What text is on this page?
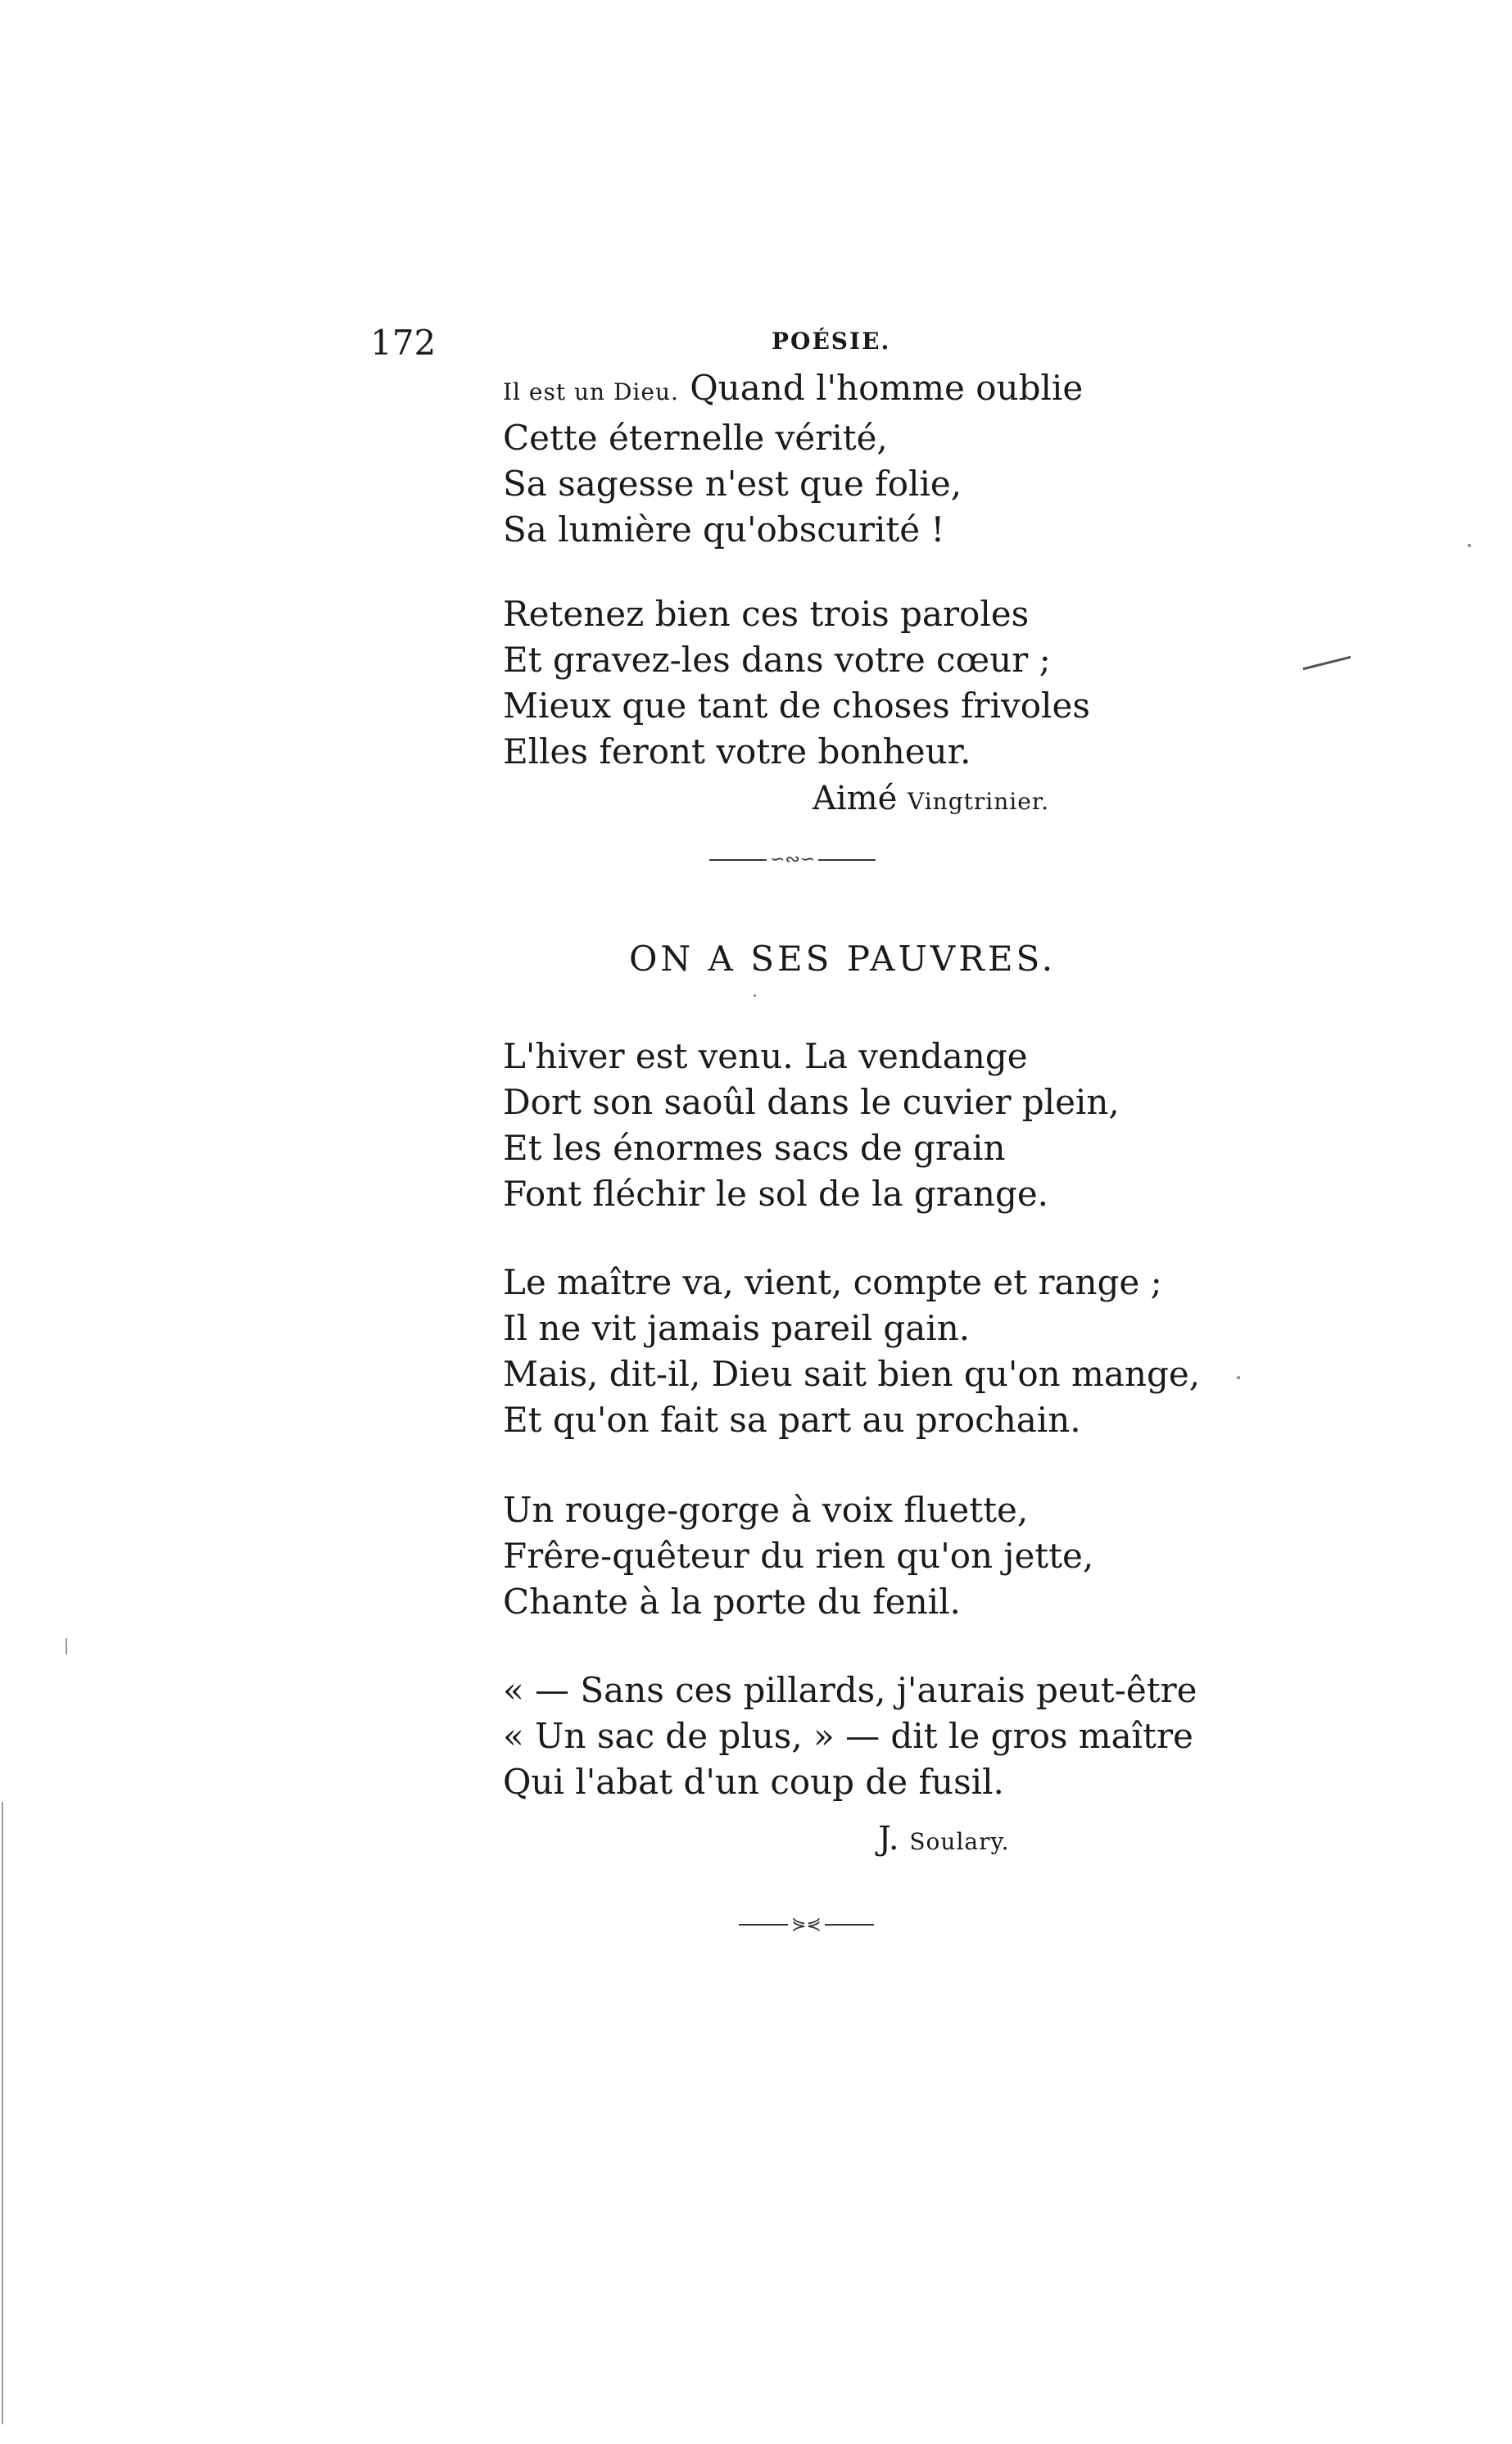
172	POÉSIE.
Il est un Dieu. Quand l'homme oublie
Cette éternelle vérité,
Sa sagesse n'est que folie,
Sa lumière qu'obscurité !
Retenez bien ces trois paroles
Et gravez-les dans votre cœur ;
Mieux que tant de choses frivoles
Elles feront votre bonheur.
Aimé Vingtrinier.
∽∾∽
ON A SES PAUVRES.
L'hiver est venu. La vendange
Dort son saoûl dans le cuvier plein,
Et les énormes sacs de grain
Font fléchir le sol de la grange.
Le maître va, vient, compte et range ;
Il ne vit jamais pareil gain.
Mais, dit-il, Dieu sait bien qu'on mange,
Et qu'on fait sa part au prochain.
Un rouge-gorge à voix fluette,
Frêre-quêteur du rien qu'on jette,
Chante à la porte du fenil.
« — Sans ces pillards, j'aurais peut-être
« Un sac de plus, » — dit le gros maître
Qui l'abat d'un coup de fusil.
J. Soulary.
⋟⋞
